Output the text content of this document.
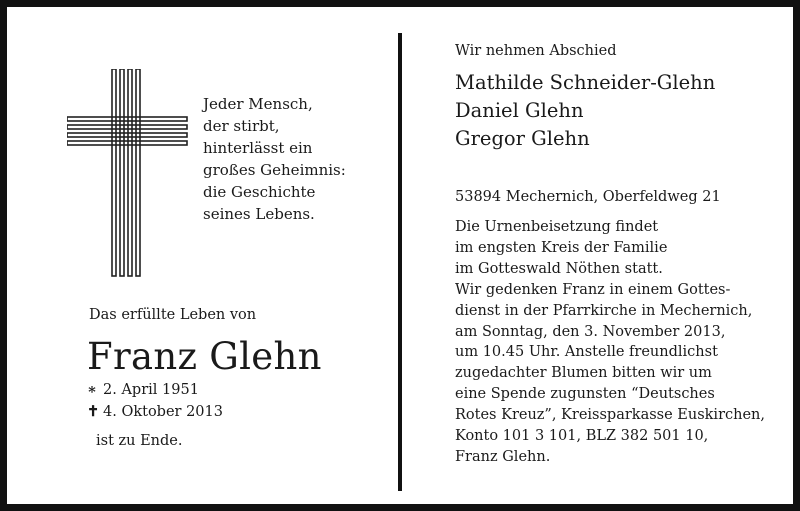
Jeder Mensch,
der stirbt,
hinterlässt ein
großes Geheimnis:
die Geschichte
seines Lebens.
Das erfüllte Leben von
Franz Glehn
∗ 2. April 1951
✝ 4. Oktober 2013
ist zu Ende.
Wir nehmen Abschied
Mathilde Schneider-Glehn
Daniel Glehn
Gregor Glehn
53894 Mechernich, Oberfeldweg 21
Die Urnenbeisetzung findet
im engsten Kreis der Familie
im Gotteswald Nöthen statt.
Wir gedenken Franz in einem Gottes-
dienst in der Pfarrkirche in Mechernich,
am Sonntag, den 3. November 2013,
um 10.45 Uhr. Anstelle freundlichst
zugedachter Blumen bitten wir um
eine Spende zugunsten “Deutsches
Rotes Kreuz”, Kreissparkasse Euskirchen,
Konto 101 3 101, BLZ 382 501 10,
Franz Glehn.
